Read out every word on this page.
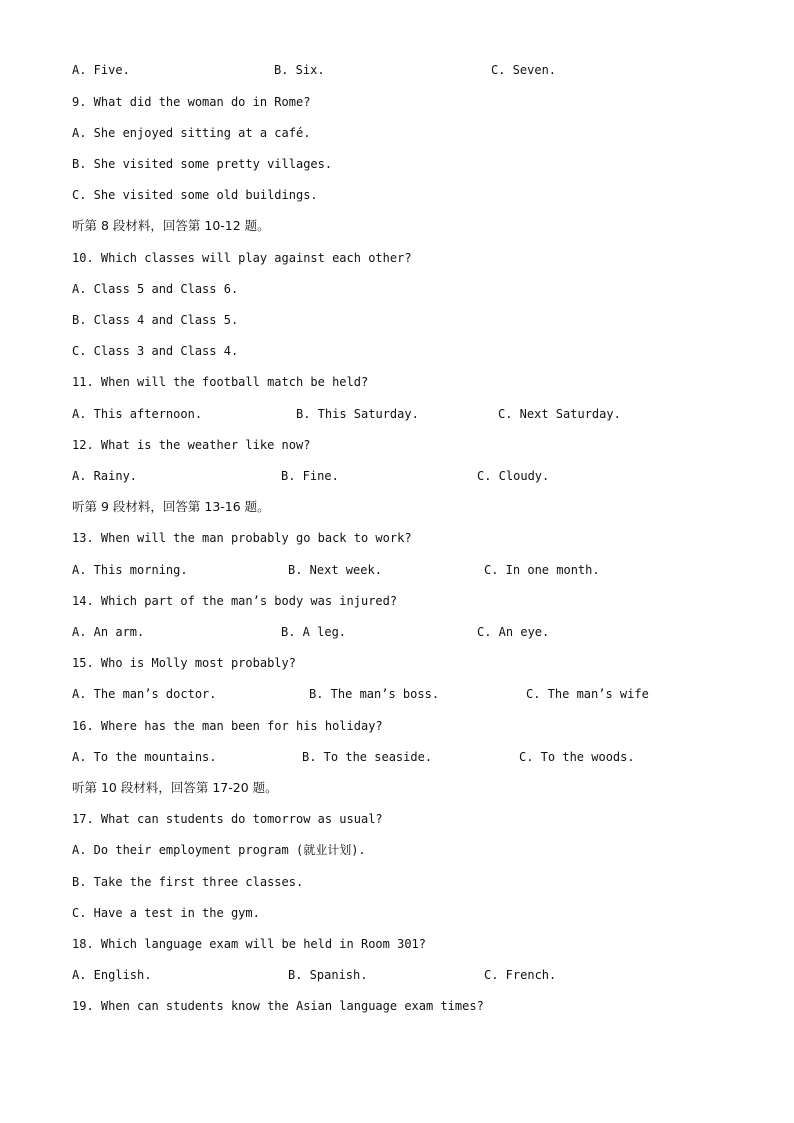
A. Five.	B. Six.	C. Seven.
9. What did the woman do in Rome?
A. She enjoyed sitting at a café.
B. She visited some pretty villages.
C. She visited some old buildings.
听第 8 段材料，回答第 10-12 题。
10. Which classes will play against each other?
A. Class 5 and Class 6.
B. Class 4 and Class 5.
C. Class 3 and Class 4.
11. When will the football match be held?
A. This afternoon.	B. This Saturday.	C. Next Saturday.
12. What is the weather like now?
A. Rainy.	B. Fine.	C. Cloudy.
听第 9 段材料，回答第 13-16 题。
13. When will the man probably go back to work?
A. This morning.	B. Next week.	C. In one month.
14. Which part of the man’s body was injured?
A. An arm.	B. A leg.	C. An eye.
15. Who is Molly most probably?
A. The man’s doctor.	B. The man’s boss.	C. The man’s wife
16. Where has the man been for his holiday?
A. To the mountains.	B. To the seaside.	C. To the woods.
听第 10 段材料，回答第 17-20 题。
17. What can students do tomorrow as usual?
A. Do their employment program (就业计划).
B. Take the first three classes.
C. Have a test in the gym.
18. Which language exam will be held in Room 301?
A. English.	B. Spanish.	C. French.
19. When can students know the Asian language exam times?
